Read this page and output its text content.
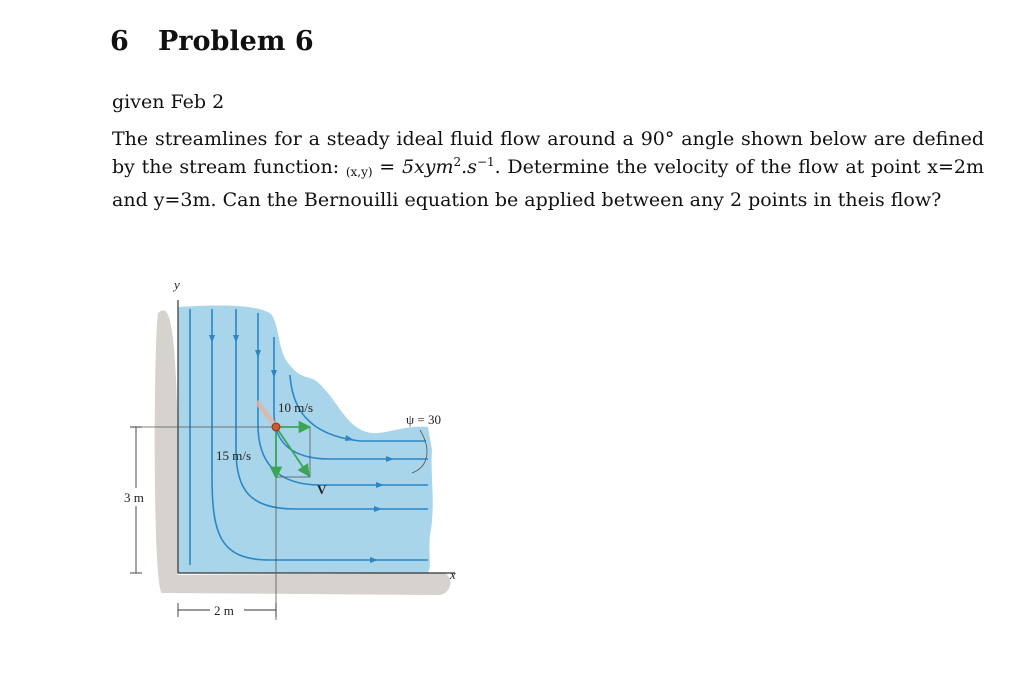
6 Problem 6
given Feb 2
The streamlines for a steady ideal fluid flow around a 90° angle shown below are defined by the stream function: $_{(x,y)} = 5xym^2.s^{-1}$. Determine the velocity of the flow at point x=2m and y=3m. Can the Bernouilli equation be applied between any 2 points in theis flow?
y
x
10 m/s
15 m/s
V
ψ = 30
3 m
2 m
